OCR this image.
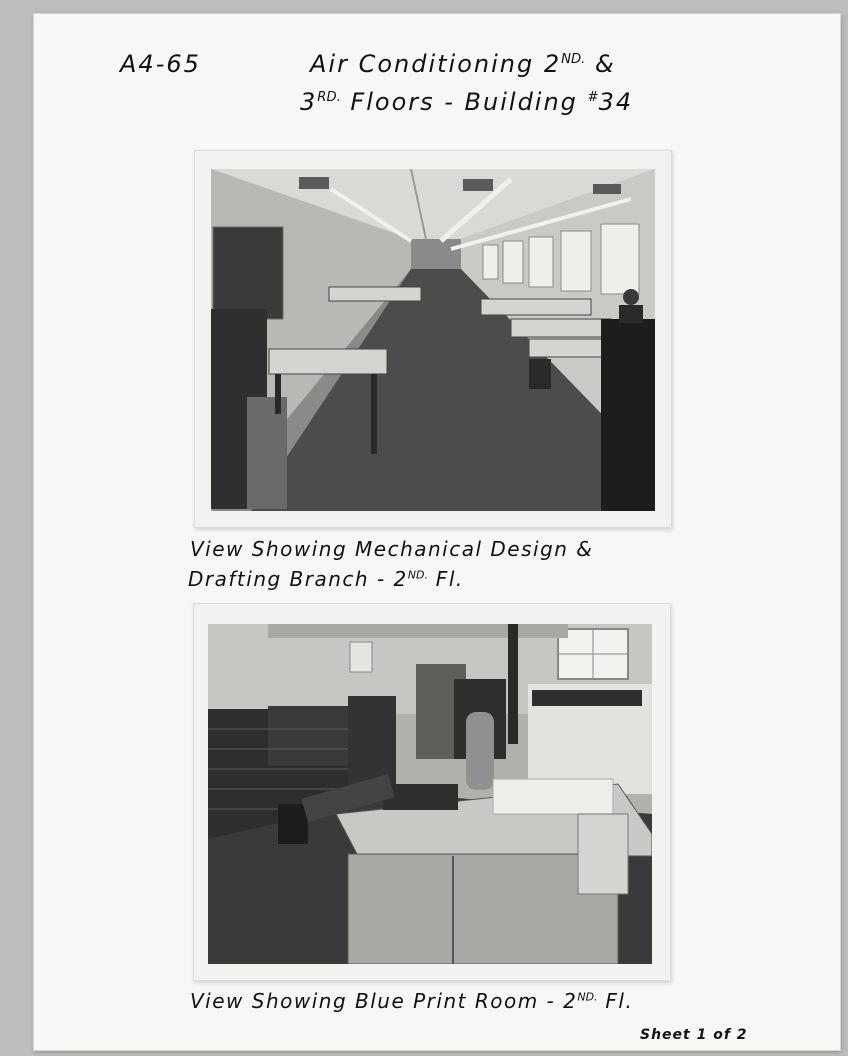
A4-65	Air Conditioning $2^{ND.}$ &
$3^{RD.}$ Floors - Building #34
View Showing Mechanical Design &
Drafting Branch - $2^{ND.}$ Fl.
View Showing Blue Print Room - $2^{ND.}$ Fl.
Sheet 1 of 2
